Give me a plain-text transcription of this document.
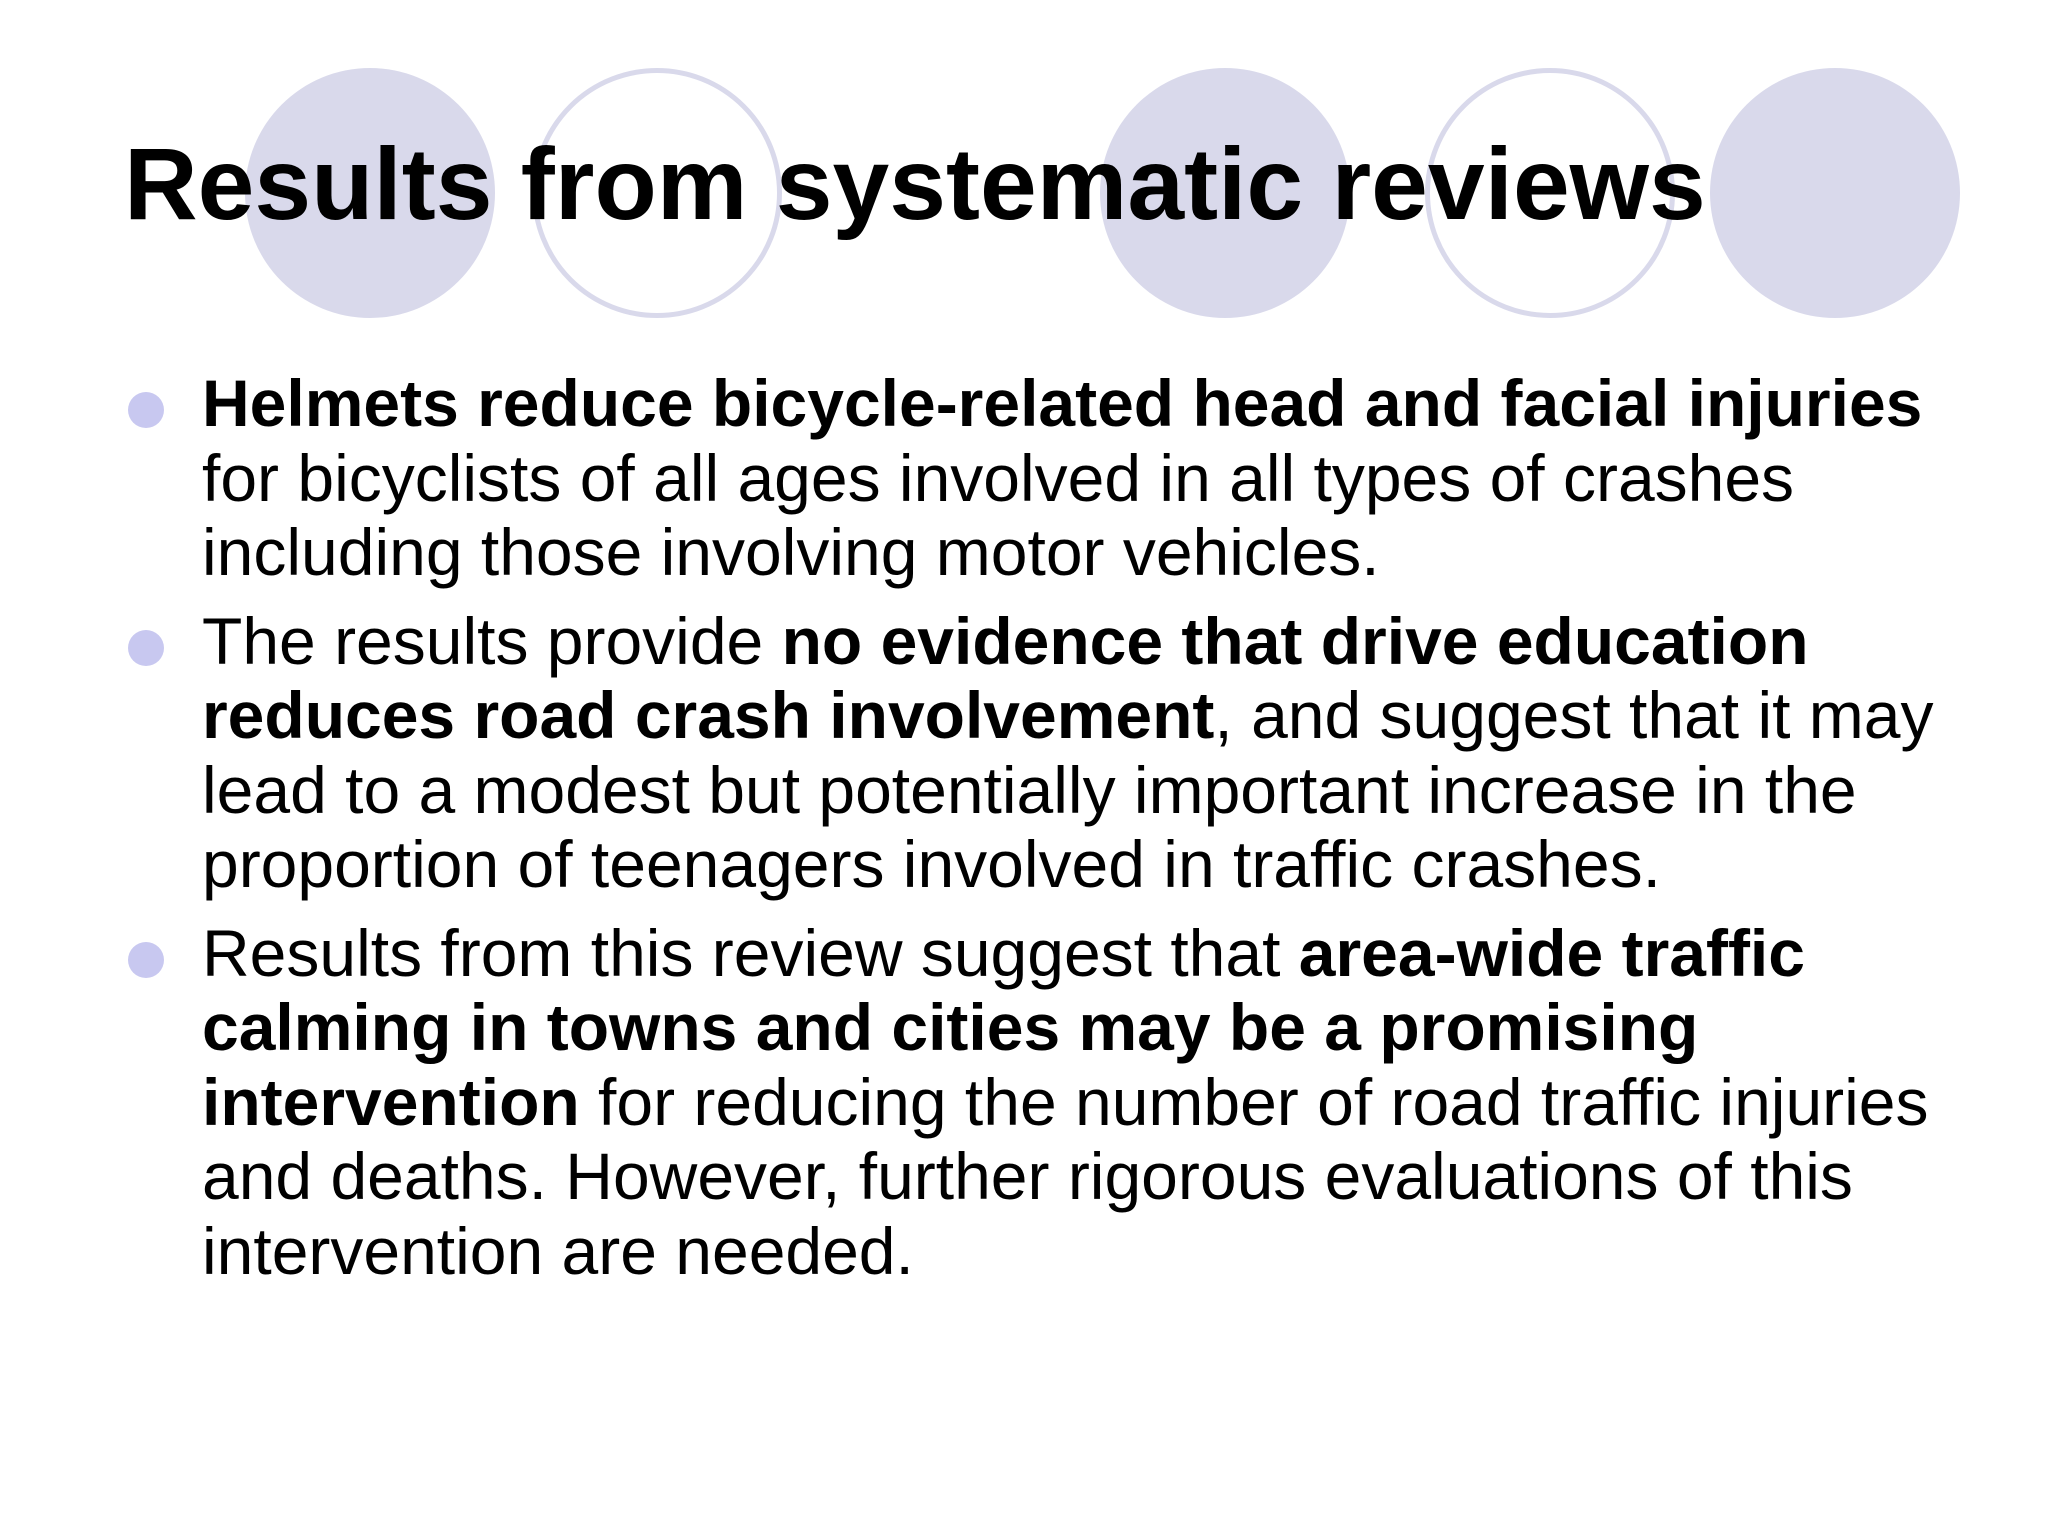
Results from systematic reviews
Helmets reduce bicycle-related head and facial injuries for bicyclists of all ages involved in all types of crashes including those involving motor vehicles.
The results provide no evidence that drive education reduces road crash involvement, and suggest that it may lead to a modest but potentially important increase in the proportion of teenagers involved in traffic crashes.
Results from this review suggest that area-wide traffic calming in towns and cities may be a promising intervention for reducing the number of road traffic injuries and deaths. However, further rigorous evaluations of this intervention are needed.
